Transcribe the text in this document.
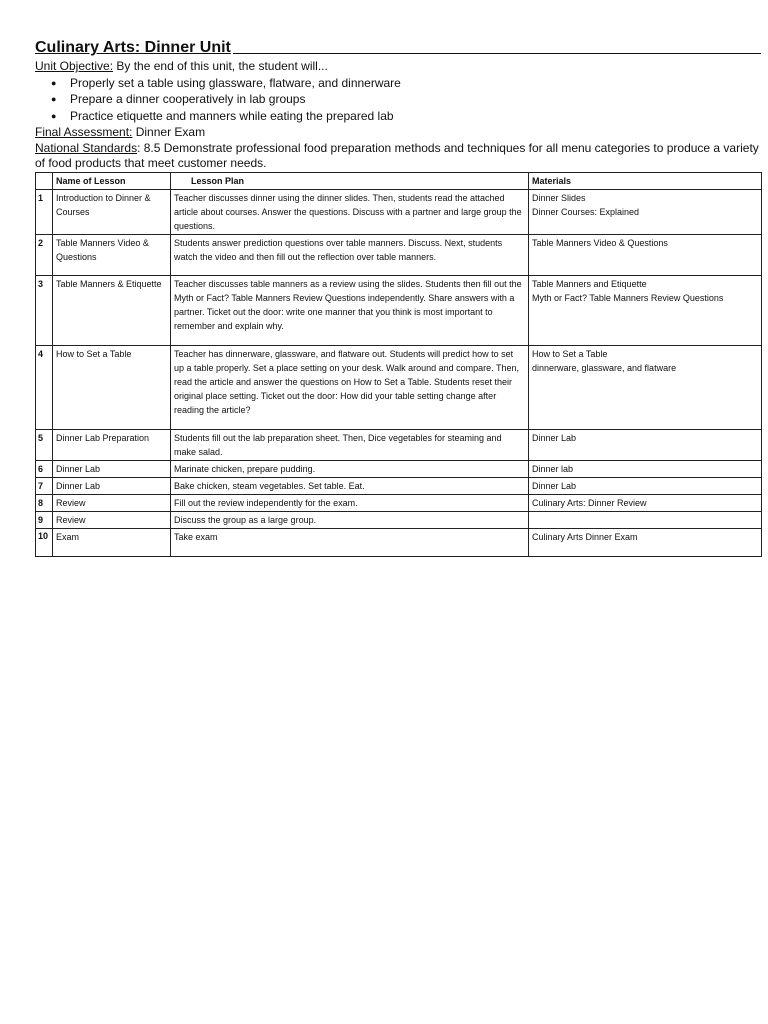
Culinary Arts: Dinner Unit
Unit Objective: By the end of this unit, the student will...
● Properly set a table using glassware, flatware, and dinnerware
● Prepare a dinner cooperatively in lab groups
● Practice etiquette and manners while eating the prepared lab
Final Assessment: Dinner Exam
National Standards: 8.5 Demonstrate professional food preparation methods and techniques for all menu categories to produce a variety of food products that meet customer needs.
	Name of Lesson	Lesson Plan	Materials
1	Introduction to Dinner & Courses	Teacher discusses dinner using the dinner slides. Then, students read the attached article about courses. Answer the questions. Discuss with a partner and large group the questions.	Dinner Slides
Dinner Courses: Explained

2	Table Manners Video & Questions	Students answer prediction questions over table manners. Discuss. Next, students watch the video and then fill out the reflection over table manners.	Table Manners Video & Questions

3	Table Manners & Etiquette	Teacher discusses table manners as a review using the slides. Students then fill out the Myth or Fact? Table Manners Review Questions independently. Share answers with a partner. Ticket out the door: write one manner that you think is most important to remember and explain why.	Table Manners and Etiquette
Myth or Fact? Table Manners Review Questions

4	How to Set a Table	Teacher has dinnerware, glassware, and flatware out. Students will predict how to set up a table properly. Set a place setting on your desk. Walk around and compare. Then, read the article and answer the questions on How to Set a Table. Students reset their original place setting. Ticket out the door: How did your table setting change after reading the article?	How to Set a Table
dinnerware, glassware, and flatware

5	Dinner Lab Preparation	Students fill out the lab preparation sheet. Then, Dice vegetables for steaming and make salad.	Dinner Lab

6	Dinner Lab	Marinate chicken, prepare pudding.	Dinner lab

7	Dinner Lab	Bake chicken, steam vegetables. Set table. Eat.	Dinner Lab

8	Review	Fill out the review independently for the exam.	Culinary Arts: Dinner Review

9	Review	Discuss the group as a large group.	
10	Exam	Take exam	Culinary Arts Dinner Exam
